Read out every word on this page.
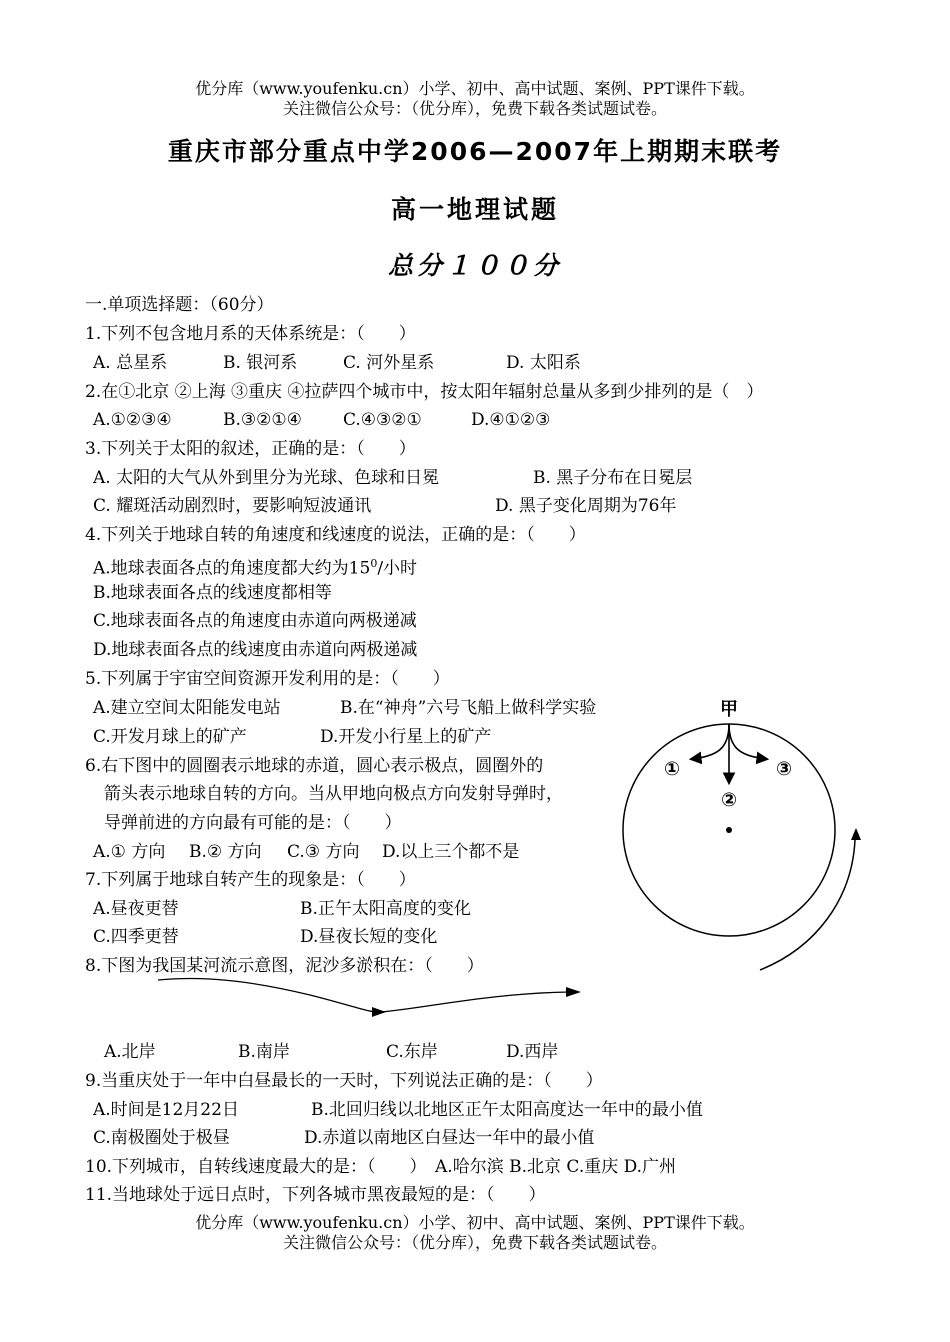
优分库（www.youfenku.cn）小学、初中、高中试题、案例、PPT课件下载。
关注微信公众号：（优分库），免费下载各类试题试卷。
重庆市部分重点中学2006—2007年上期期末联考
高一地理试题
总分１００分
一.单项选择题：（60分）
1.下列不包含地月系的天体系统是：（　　）
A. 总星系	B. 银河系	C. 河外星系	D. 太阳系
2.在①北京 ②上海 ③重庆 ④拉萨四个城市中，按太阳年辐射总量从多到少排列的是（　）
A.①②③④	B.③②①④ C.④③②①	D.④①②③
3.下列关于太阳的叙述，正确的是：（　　）
A. 太阳的大气从外到里分为光球、色球和日冕	B. 黑子分布在日冕层
C. 耀斑活动剧烈时，要影响短波通讯	D. 黑子变化周期为76年
4.下列关于地球自转的角速度和线速度的说法，正确的是：（　　）
A.地球表面各点的角速度都大约为$15^0/$小时
B.地球表面各点的线速度都相等
C.地球表面各点的角速度由赤道向两极递减
D.地球表面各点的线速度由赤道向两极递减
5.下列属于宇宙空间资源开发利用的是：（　　）
A.建立空间太阳能发电站	B.在“神舟”六号飞船上做科学实验
C.开发月球上的矿产	D.开发小行星上的矿产
6.右下图中的圆圈表示地球的赤道，圆心表示极点，圆圈外的
箭头表示地球自转的方向。当从甲地向极点方向发射导弹时，
导弹前进的方向最有可能的是：（　　）
A.① 方向 B.② 方向 C.③ 方向 D.以上三个都不是
甲
①	③
②
7.下列属于地球自转产生的现象是：（　　）
A.昼夜更替	B.正午太阳高度的变化
C.四季更替	D.昼夜长短的变化
8.下图为我国某河流示意图，泥沙多淤积在：（　　）
A.北岸	B.南岸	C.东岸	D.西岸
9.当重庆处于一年中白昼最长的一天时，下列说法正确的是：（　　）
A.时间是12月22日	B.北回归线以北地区正午太阳高度达一年中的最小值
C.南极圈处于极昼	D.赤道以南地区白昼达一年中的最小值
10.下列城市，自转线速度最大的是：（　　）　A.哈尔滨 B.北京 C.重庆 D.广州
11.当地球处于远日点时，下列各城市黑夜最短的是：（　　）
优分库（www.youfenku.cn）小学、初中、高中试题、案例、PPT课件下载。
关注微信公众号：（优分库），免费下载各类试题试卷。
